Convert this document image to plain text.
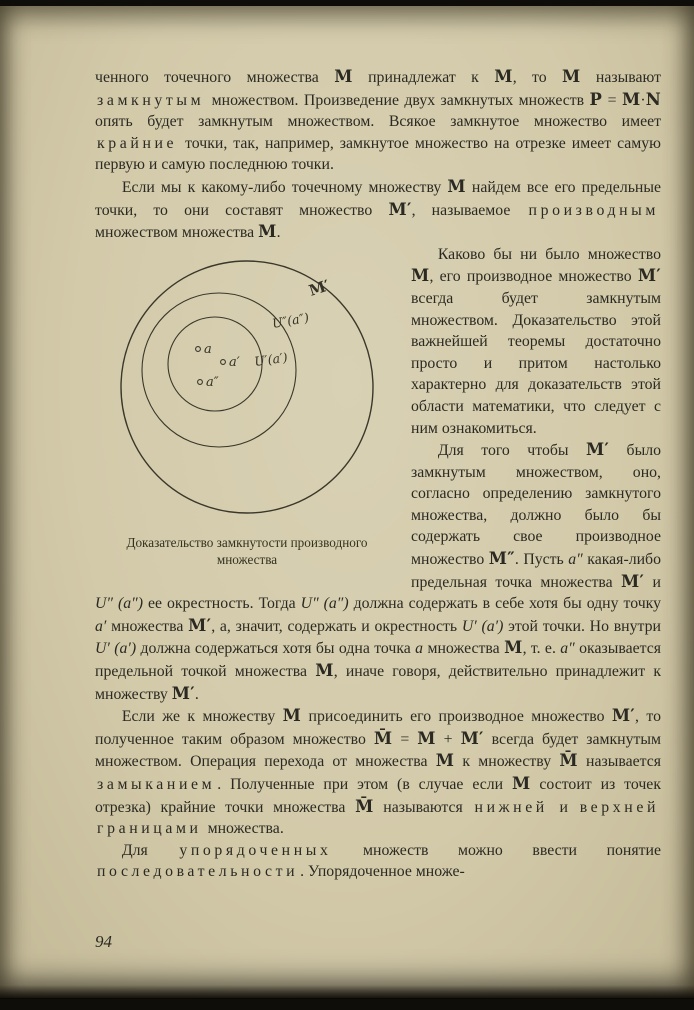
ченного точечного множества M принадлежат к M, то M называют замкнутым множеством. Произведение двух замкнутых множеств P = M·N опять будет замкнутым множеством. Всякое замкнутое множество имеет крайние точки, так, например, замкнутое множество на отрезке имеет самую первую и самую последнюю точки.

Если мы к какому-либо точечному множеству M найдем все его предельные точки, то они составят множество M′, называемое производным множеством множества M.

a
a′
a″
M′
U″(a″)
U′(a′)
Доказательство замкнутости производного множества

Каково бы ни было множество M, его производное множество M′ всегда будет замкнутым множеством. Доказательство этой важнейшей теоремы достаточно просто и притом настолько характерно для доказательств этой области математики, что следует с ним ознакомиться.

Для того чтобы M′ было замкнутым множеством, оно, согласно определению замкнутого множества, должно было бы содержать свое производное множество M″. Пусть a″ какая-либо предельная точка множества M′ и U″ (a″) ее окрестность. Тогда U″ (a″) должна содержать в себе хотя бы одну точку a′ множества M′, а, значит, содержать и окрестность U′ (a′) этой точки. Но внутри U′ (a′) должна содержаться хотя бы одна точка a множества M, т. е. a″ оказывается предельной точкой множества M, иначе говоря, действительно принадлежит к множеству M′.

Если же к множеству M присоединить его производное множество M′, то полученное таким образом множество M̄ = M + M′ всегда будет замкнутым множеством. Операция перехода от множества M к множеству M̄ называется замыканием . Полученные при этом (в случае если M состоит из точек отрезка) крайние точки множества M̄ называются нижней и верхней границами множества.

Для упорядоченных множеств можно ввести понятие последовательности . Упорядоченное множе-

94
